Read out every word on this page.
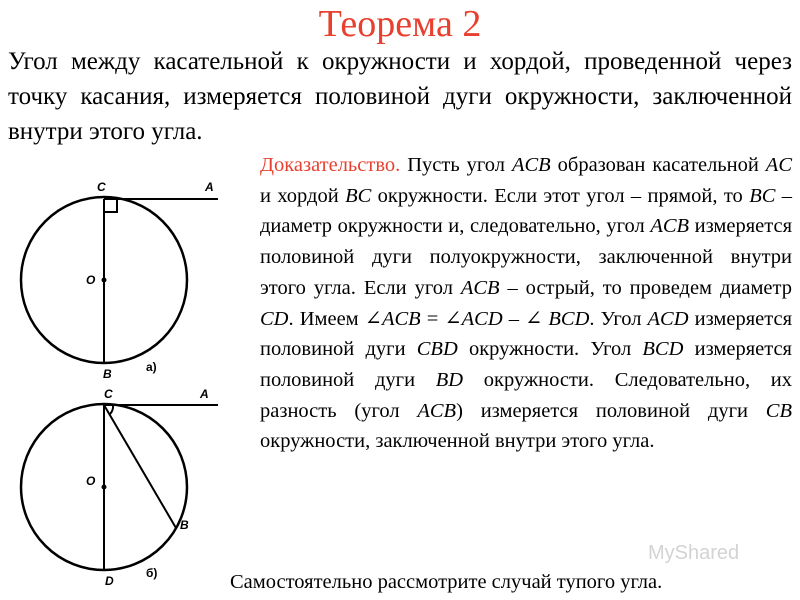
Теорема 2
Угол между касательной к окружности и хордой, проведенной через точку касания, измеряется половиной дуги окружности, заключенной внутри этого угла.
C	A
O
B	а)
C	A
O
B
D
б)
Доказательство. Пусть угол ACB образован касательной AC и хордой BC окружности. Если этот угол – прямой, то BC – диаметр окружности и, следовательно, угол ACB измеряется половиной дуги полуокружности, заключенной внутри этого угла. Если угол ACB – острый, то проведем диаметр CD. Имеем ∠ ACB = ∠ ACD – ∠ BCD. Угол ACD измеряется половиной дуги CBD окружности. Угол BCD измеряется половиной дуги BD окружности. Следовательно, их разность (угол ACB) измеряется половиной дуги CB окружности, заключенной внутри этого угла.
MyShared
Самостоятельно рассмотрите случай тупого угла.
